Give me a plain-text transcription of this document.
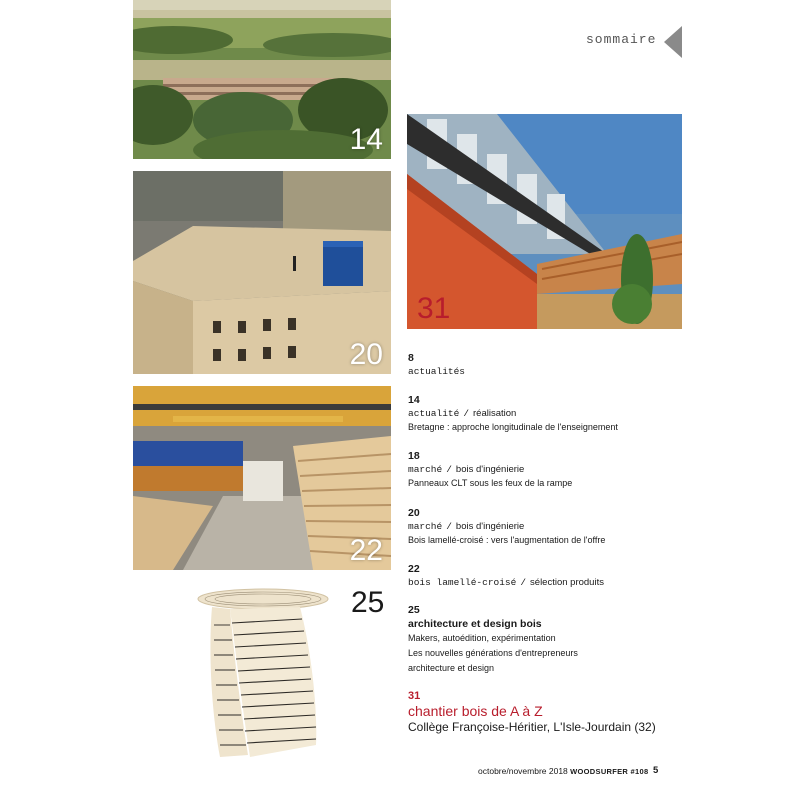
14
20
22
31
25
sommaire
8
actualités
14
actualité / réalisation
Bretagne : approche longitudinale de l'enseignement
18
marché / bois d'ingénierie
Panneaux CLT sous les feux de la rampe
20
marché / bois d'ingénierie
Bois lamellé-croisé : vers l'augmentation de l'offre
22
bois lamellé-croisé / sélection produits
25
architecture et design bois
Makers, autoédition, expérimentation
Les nouvelles générations d'entrepreneurs
architecture et design
31
chantier bois de A à Z
Collège Françoise-Héritier, L'Isle-Jourdain (32)
octobre/novembre 2018 WOODSURFER #108 5
